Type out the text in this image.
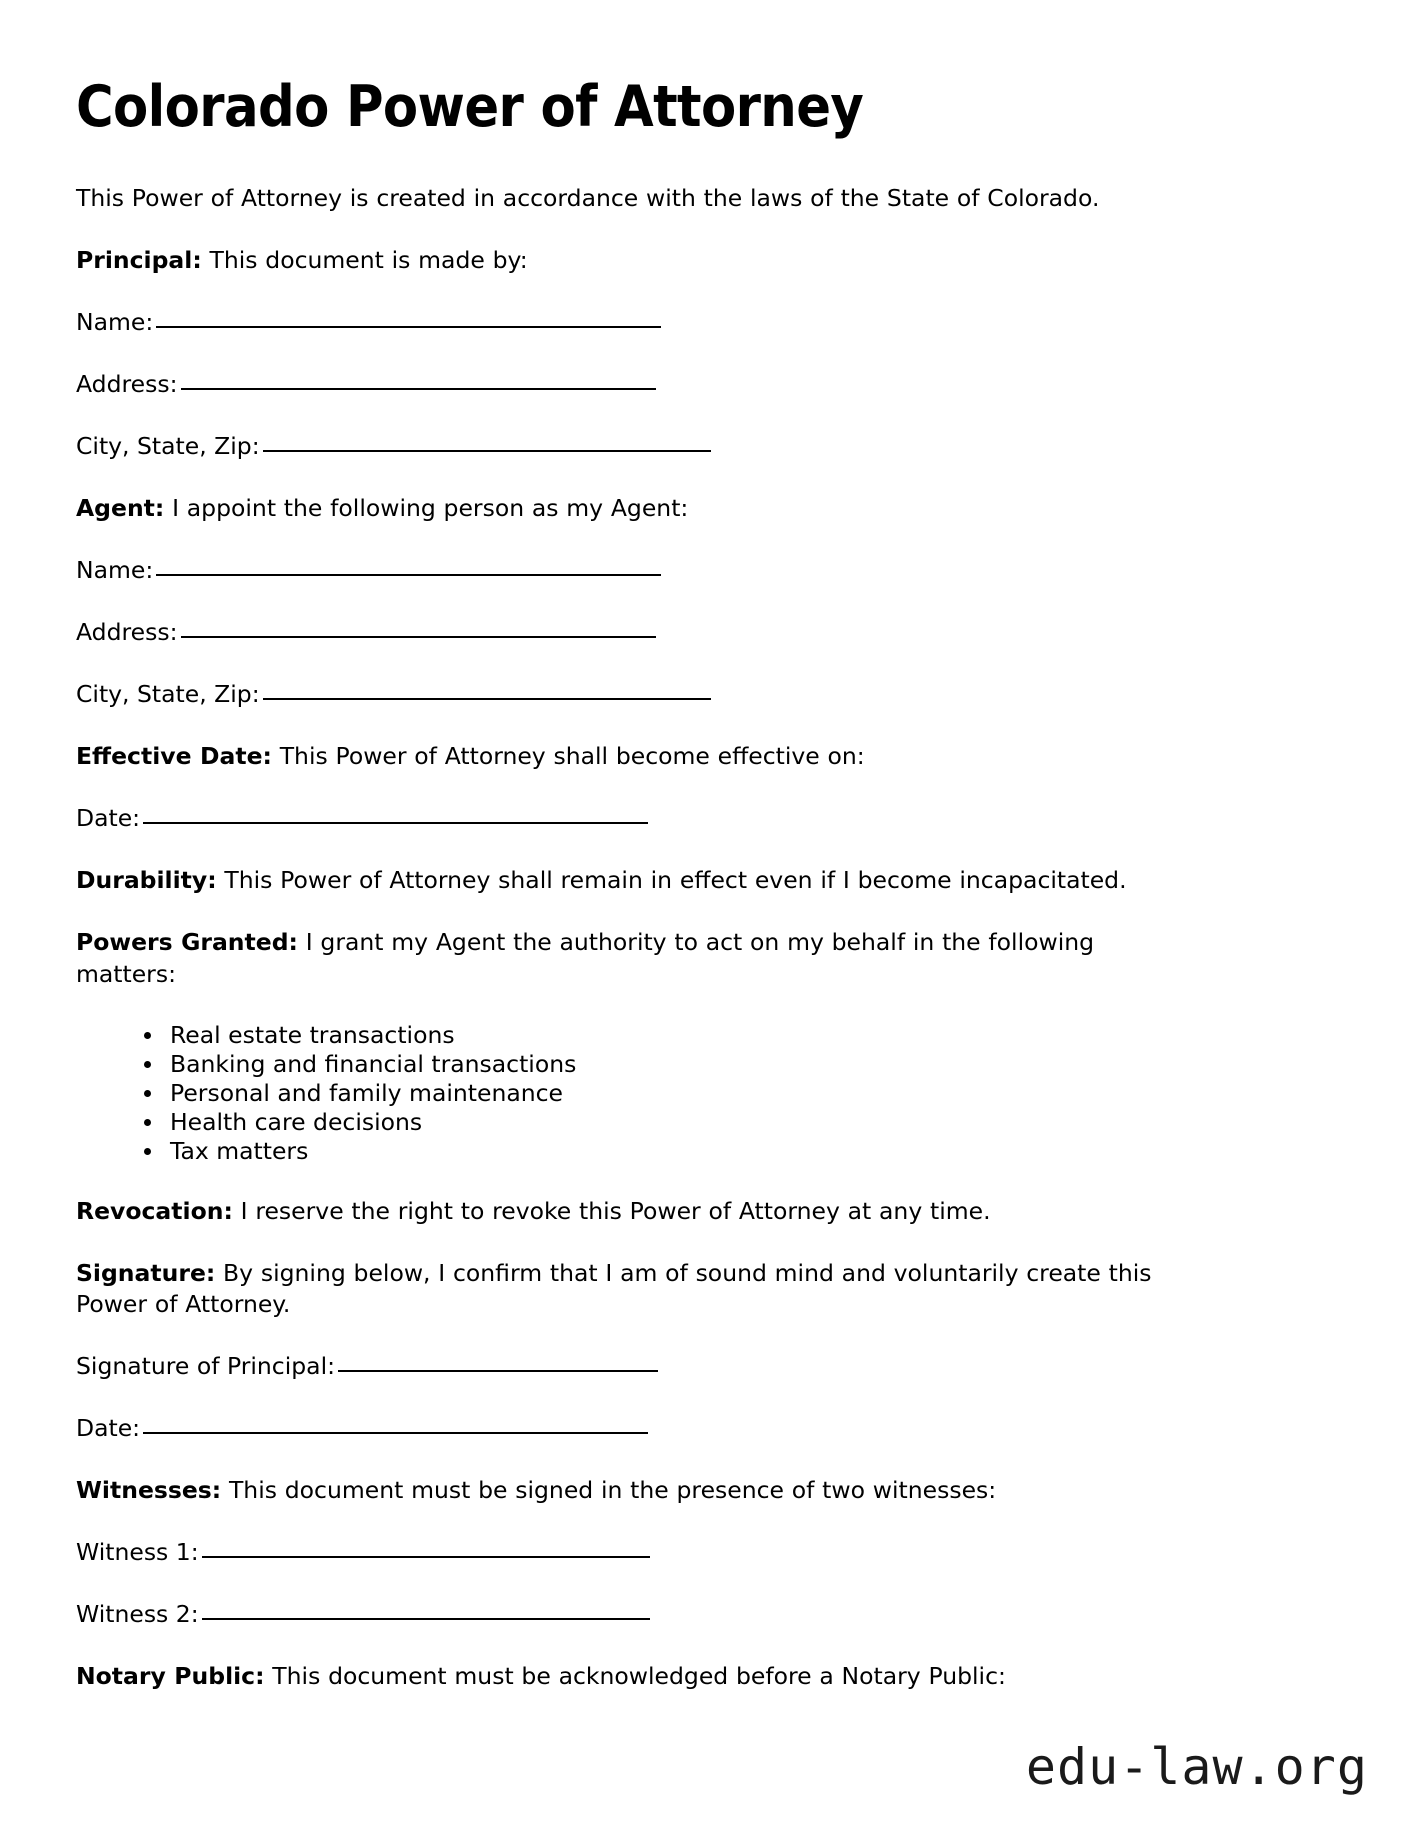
Colorado Power of Attorney

This Power of Attorney is created in accordance with the laws of the State of Colorado.

Principal: This document is made by:

Name:

Address:

City, State, Zip:

Agent: I appoint the following person as my Agent:

Name:

Address:

City, State, Zip:

Effective Date: This Power of Attorney shall become effective on:

Date:

Durability: This Power of Attorney shall remain in effect even if I become incapacitated.

Powers Granted: I grant my Agent the authority to act on my behalf in the following matters:

Real estate transactions
Banking and financial transactions
Personal and family maintenance
Health care decisions
Tax matters

Revocation: I reserve the right to revoke this Power of Attorney at any time.

Signature: By signing below, I confirm that I am of sound mind and voluntarily create this Power of Attorney.

Signature of Principal:

Date:

Witnesses: This document must be signed in the presence of two witnesses:

Witness 1:

Witness 2:

Notary Public: This document must be acknowledged before a Notary Public:

edu-law.org
